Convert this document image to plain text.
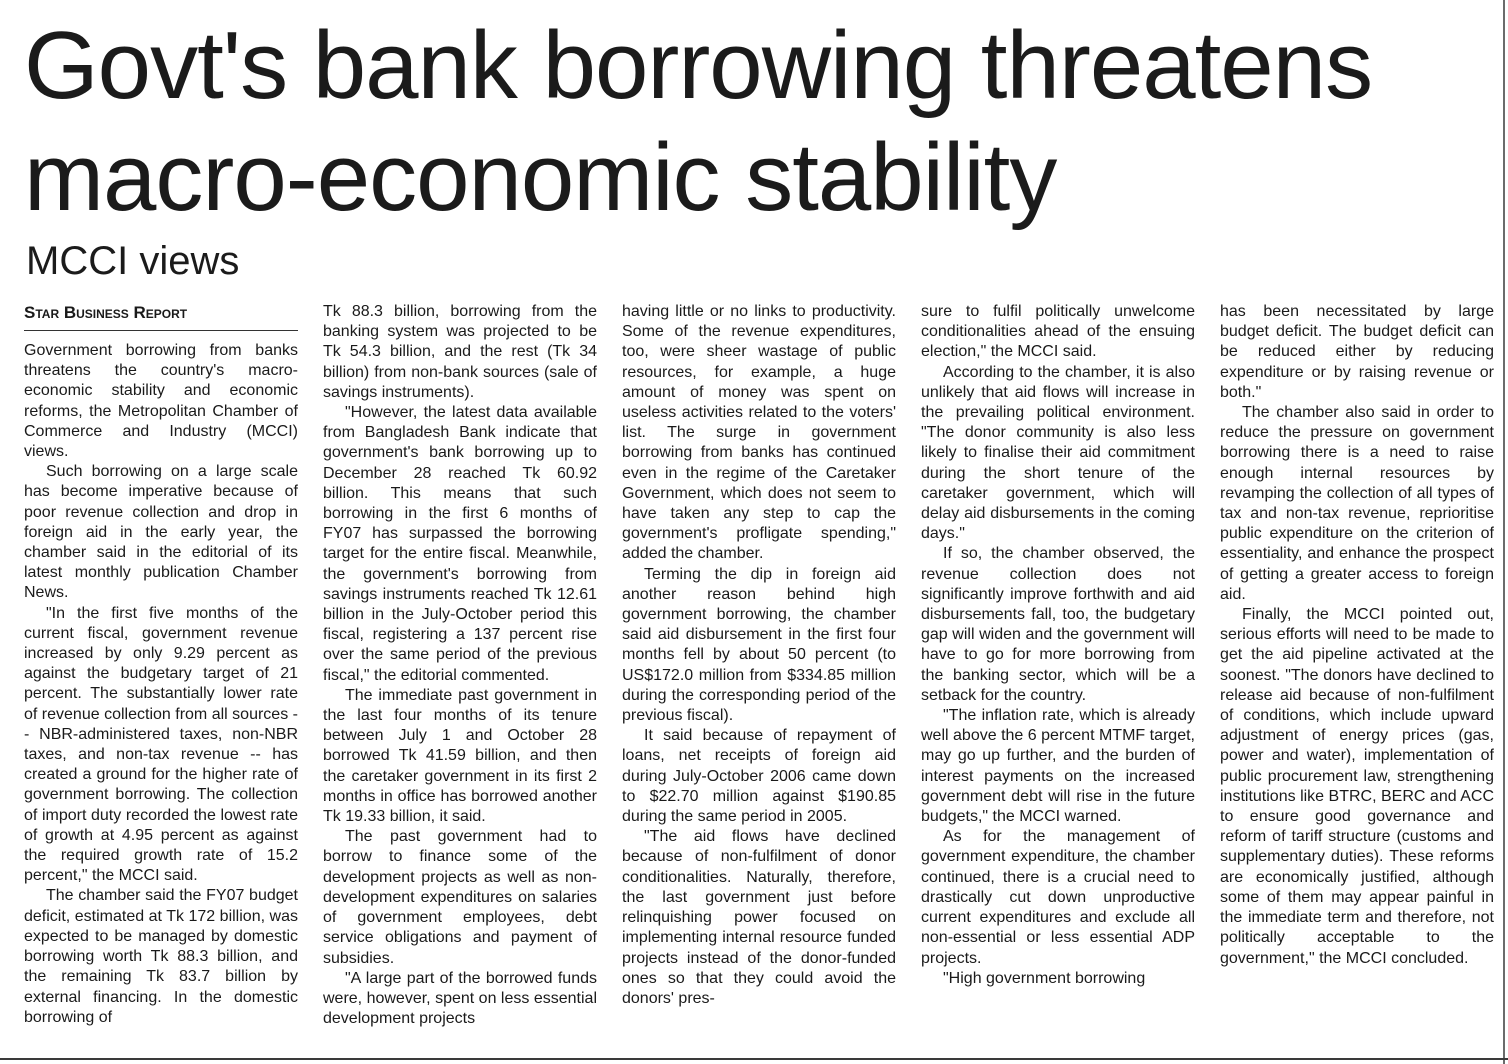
Govt's bank borrowing threatens macro-economic stability
MCCI views
Star Business Report

Government borrowing from banks threatens the country's macro-economic stability and economic reforms, the Metropolitan Chamber of Commerce and Industry (MCCI) views.

Such borrowing on a large scale has become imperative because of poor revenue collection and drop in foreign aid in the early year, the chamber said in the editorial of its latest monthly publication Chamber News.

"In the first five months of the current fiscal, government revenue increased by only 9.29 percent as against the budgetary target of 21 percent. The substantially lower rate of revenue collection from all sources -- NBR-administered taxes, non-NBR taxes, and non-tax revenue -- has created a ground for the higher rate of government borrowing. The collection of import duty recorded the lowest rate of growth at 4.95 percent as against the required growth rate of 15.2 percent," the MCCI said.

The chamber said the FY07 budget deficit, estimated at Tk 172 billion, was expected to be managed by domestic borrowing worth Tk 88.3 billion, and the remaining Tk 83.7 billion by external financing. In the domestic borrowing of

Tk 88.3 billion, borrowing from the banking system was projected to be Tk 54.3 billion, and the rest (Tk 34 billion) from non-bank sources (sale of savings instruments).

"However, the latest data available from Bangladesh Bank indicate that government's bank borrowing up to December 28 reached Tk 60.92 billion. This means that such borrowing in the first 6 months of FY07 has surpassed the borrowing target for the entire fiscal. Meanwhile, the government's borrowing from savings instruments reached Tk 12.61 billion in the July-October period this fiscal, registering a 137 percent rise over the same period of the previous fiscal," the editorial commented.

The immediate past government in the last four months of its tenure between July 1 and October 28 borrowed Tk 41.59 billion, and then the caretaker government in its first 2 months in office has borrowed another Tk 19.33 billion, it said.

The past government had to borrow to finance some of the development projects as well as non-development expenditures on salaries of government employees, debt service obligations and payment of subsidies.

"A large part of the borrowed funds were, however, spent on less essential development projects

having little or no links to productivity. Some of the revenue expenditures, too, were sheer wastage of public resources, for example, a huge amount of money was spent on useless activities related to the voters' list. The surge in government borrowing from banks has continued even in the regime of the Caretaker Government, which does not seem to have taken any step to cap the government's profligate spending," added the chamber.

Terming the dip in foreign aid another reason behind high government borrowing, the chamber said aid disbursement in the first four months fell by about 50 percent (to US$172.0 million from $334.85 million during the corresponding period of the previous fiscal).

It said because of repayment of loans, net receipts of foreign aid during July-October 2006 came down to $22.70 million against $190.85 during the same period in 2005.

"The aid flows have declined because of non-fulfilment of donor conditionalities. Naturally, therefore, the last government just before relinquishing power focused on implementing internal resource funded projects instead of the donor-funded ones so that they could avoid the donors' pres-

sure to fulfil politically unwelcome conditionalities ahead of the ensuing election," the MCCI said.

According to the chamber, it is also unlikely that aid flows will increase in the prevailing political environment. "The donor community is also less likely to finalise their aid commitment during the short tenure of the caretaker government, which will delay aid disbursements in the coming days."

If so, the chamber observed, the revenue collection does not significantly improve forthwith and aid disbursements fall, too, the budgetary gap will widen and the government will have to go for more borrowing from the banking sector, which will be a setback for the country.

"The inflation rate, which is already well above the 6 percent MTMF target, may go up further, and the burden of interest payments on the increased government debt will rise in the future budgets," the MCCI warned.

As for the management of government expenditure, the chamber continued, there is a crucial need to drastically cut down unproductive current expenditures and exclude all non-essential or less essential ADP projects.

"High government borrowing

has been necessitated by large budget deficit. The budget deficit can be reduced either by reducing expenditure or by raising revenue or both."

The chamber also said in order to reduce the pressure on government borrowing there is a need to raise enough internal resources by revamping the collection of all types of tax and non-tax revenue, reprioritise public expenditure on the criterion of essentiality, and enhance the prospect of getting a greater access to foreign aid.

Finally, the MCCI pointed out, serious efforts will need to be made to get the aid pipeline activated at the soonest. "The donors have declined to release aid because of non-fulfilment of conditions, which include upward adjustment of energy prices (gas, power and water), implementation of public procurement law, strengthening institutions like BTRC, BERC and ACC to ensure good governance and reform of tariff structure (customs and supplementary duties). These reforms are economically justified, although some of them may appear painful in the immediate term and therefore, not politically acceptable to the government," the MCCI concluded.
